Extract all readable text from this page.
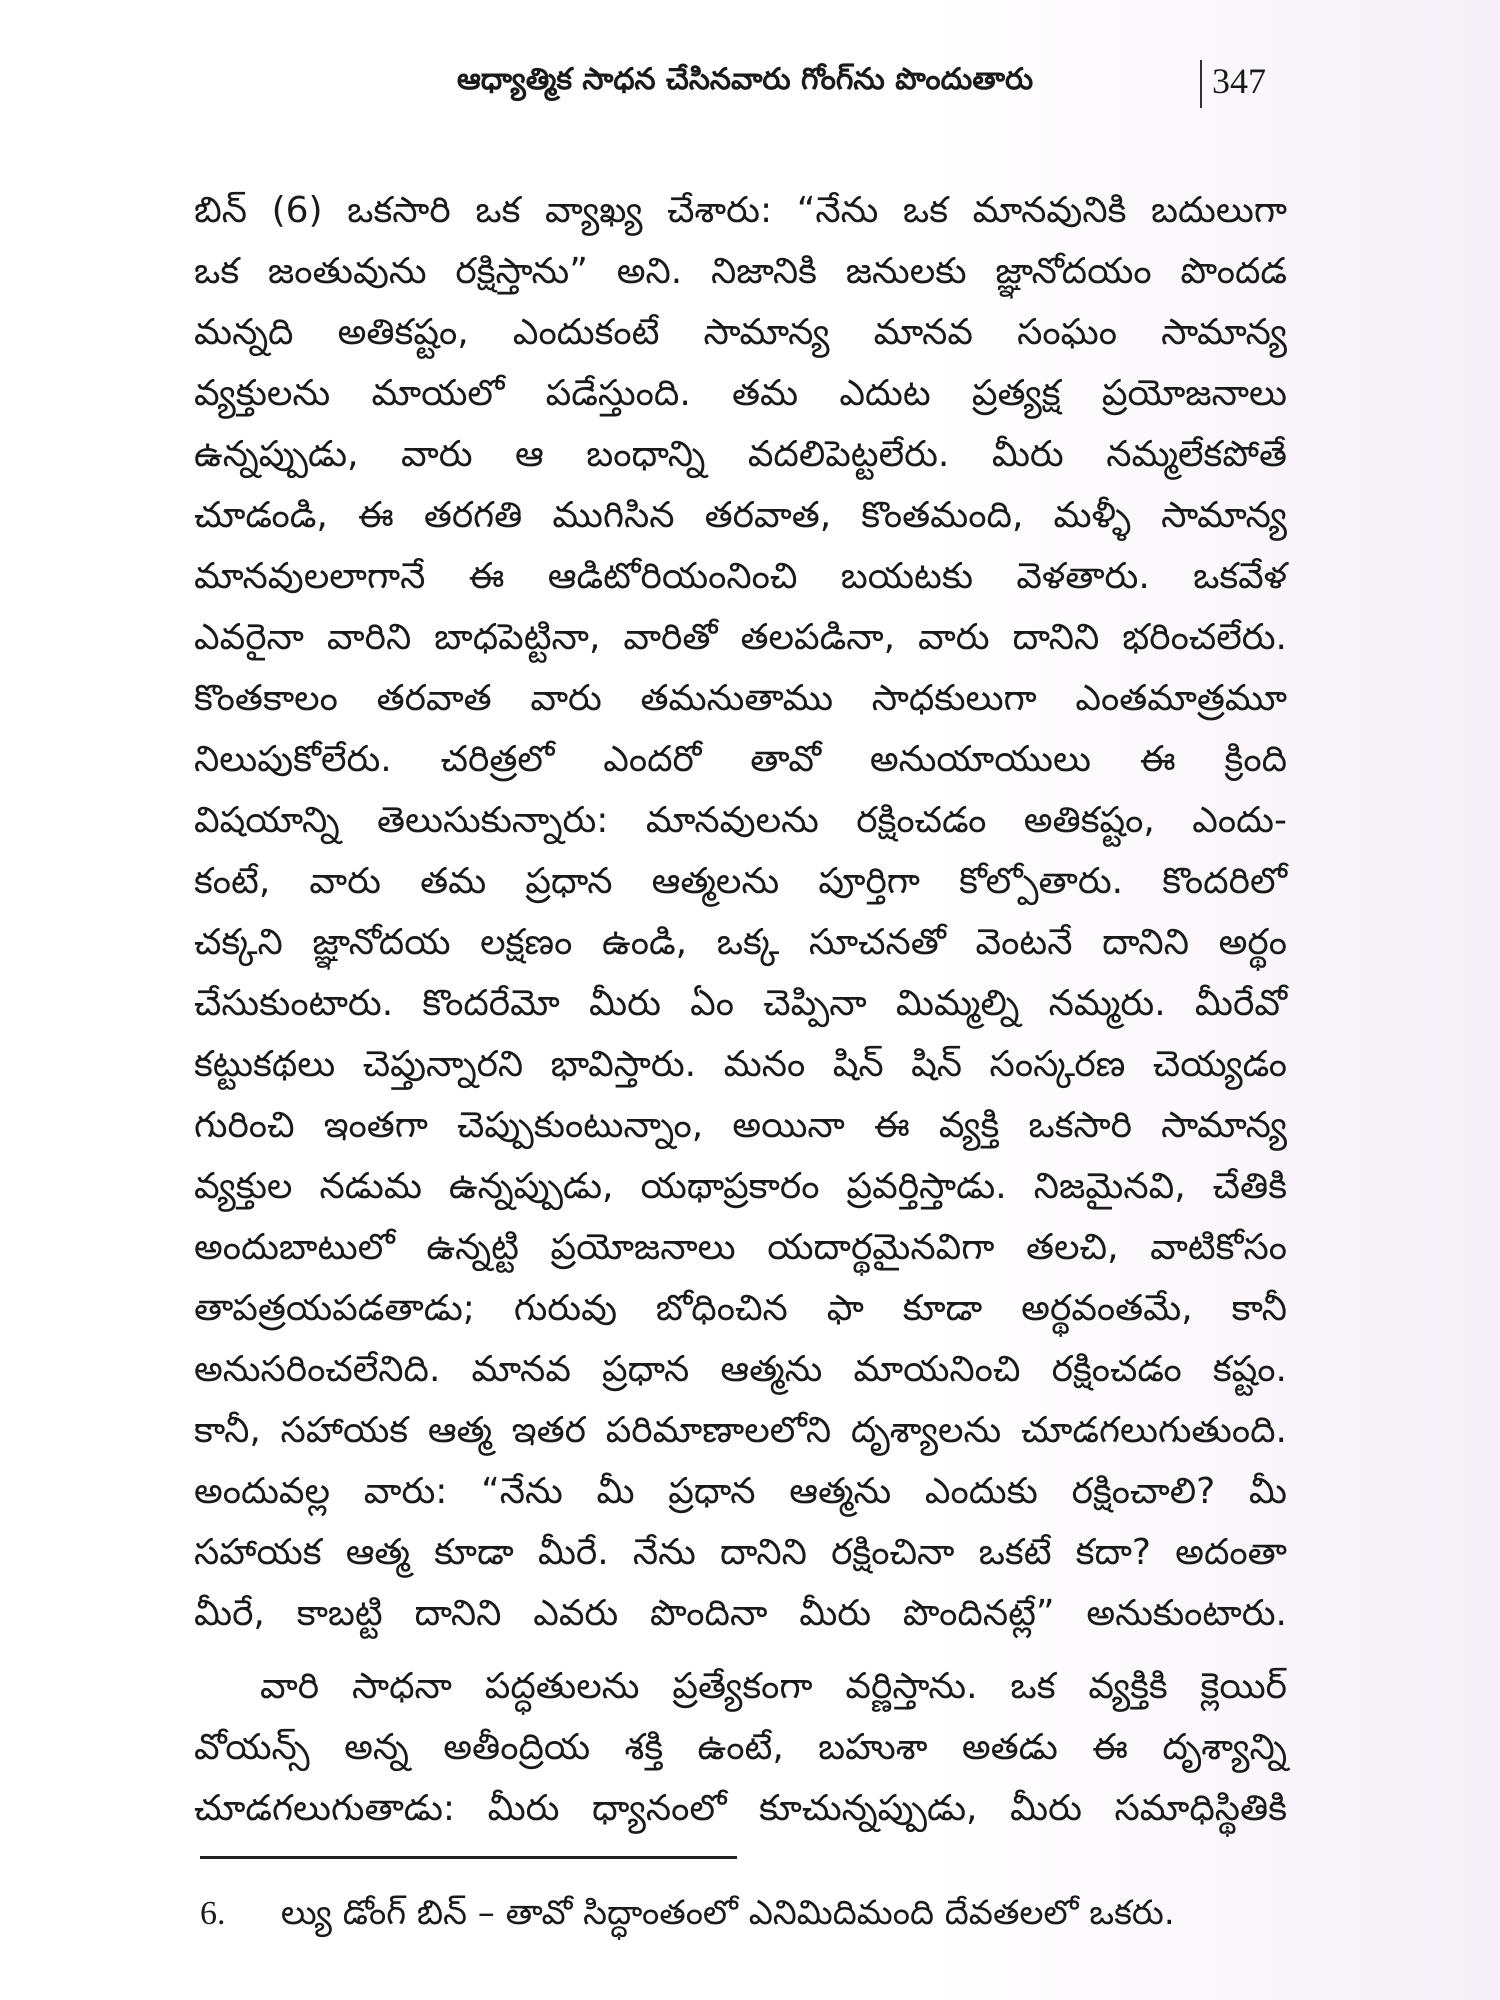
ఆధ్యాత్మిక సాధన చేసినవారు గోంగ్‌ను పొందుతారు	347
బిన్ (6) ఒకసారి ఒక వ్యాఖ్య చేశారు: “నేను ఒక మానవునికి బదులుగా
ఒక జంతువును రక్షిస్తాను” అని. నిజానికి జనులకు జ్ఞానోదయం పొందడ
మన్నది అతికష్టం, ఎందుకంటే సామాన్య మానవ సంఘం సామాన్య
వ్యక్తులను మాయలో పడేస్తుంది. తమ ఎదుట ప్రత్యక్ష ప్రయోజనాలు
ఉన్నప్పుడు, వారు ఆ బంధాన్ని వదలిపెట్టలేరు. మీరు నమ్మలేకపోతే
చూడండి, ఈ తరగతి ముగిసిన తరవాత, కొంతమంది, మళ్ళీ సామాన్య
మానవులలాగానే ఈ ఆడిటోరియంనించి బయటకు వెళతారు. ఒకవేళ
ఎవరైనా వారిని బాధపెట్టినా, వారితో తలపడినా, వారు దానిని భరించలేరు.
కొంతకాలం తరవాత వారు తమనుతాము సాధకులుగా ఎంతమాత్రమూ
నిలుపుకోలేరు. చరిత్రలో ఎందరో తావో అనుయాయులు ఈ క్రింది
విషయాన్ని తెలుసుకున్నారు: మానవులను రక్షించడం అతికష్టం, ఎందు-
కంటే, వారు తమ ప్రధాన ఆత్మలను పూర్తిగా కోల్పోతారు. కొందరిలో
చక్కని జ్ఞానోదయ లక్షణం ఉండి, ఒక్క సూచనతో వెంటనే దానిని అర్థం
చేసుకుంటారు. కొందరేమో మీరు ఏం చెప్పినా మిమ్మల్ని నమ్మరు. మీరేవో
కట్టుకథలు చెప్తున్నారని భావిస్తారు. మనం షిన్ షిన్ సంస్కరణ చెయ్యడం
గురించి ఇంతగా చెప్పుకుంటున్నాం, అయినా ఈ వ్యక్తి ఒకసారి సామాన్య
వ్యక్తుల నడుమ ఉన్నప్పుడు, యథాప్రకారం ప్రవర్తిస్తాడు. నిజమైనవి, చేతికి
అందుబాటులో ఉన్నట్టి ప్రయోజనాలు యదార్థమైనవిగా తలచి, వాటికోసం
తాపత్రయపడతాడు; గురువు బోధించిన ఫా కూడా అర్థవంతమే, కానీ
అనుసరించలేనిది. మానవ ప్రధాన ఆత్మను మాయనించి రక్షించడం కష్టం.
కానీ, సహాయక ఆత్మ ఇతర పరిమాణాలలోని దృశ్యాలను చూడగలుగుతుంది.
అందువల్ల వారు: “నేను మీ ప్రధాన ఆత్మను ఎందుకు రక్షించాలి? మీ
సహాయక ఆత్మ కూడా మీరే. నేను దానిని రక్షించినా ఒకటే కదా? అదంతా
మీరే, కాబట్టి దానిని ఎవరు పొందినా మీరు పొందినట్లే” అనుకుంటారు.
వారి సాధనా పద్ధతులను ప్రత్యేకంగా వర్ణిస్తాను. ఒక వ్యక్తికి క్లెయిర్
వోయన్స్ అన్న అతీంద్రియ శక్తి ఉంటే, బహుశా అతడు ఈ దృశ్యాన్ని
చూడగలుగుతాడు: మీరు ధ్యానంలో కూచున్నప్పుడు, మీరు సమాధిస్థితికి
6. ల్యు డోంగ్ బిన్ – తావో సిద్ధాంతంలో ఎనిమిదిమంది దేవతలలో ఒకరు.
